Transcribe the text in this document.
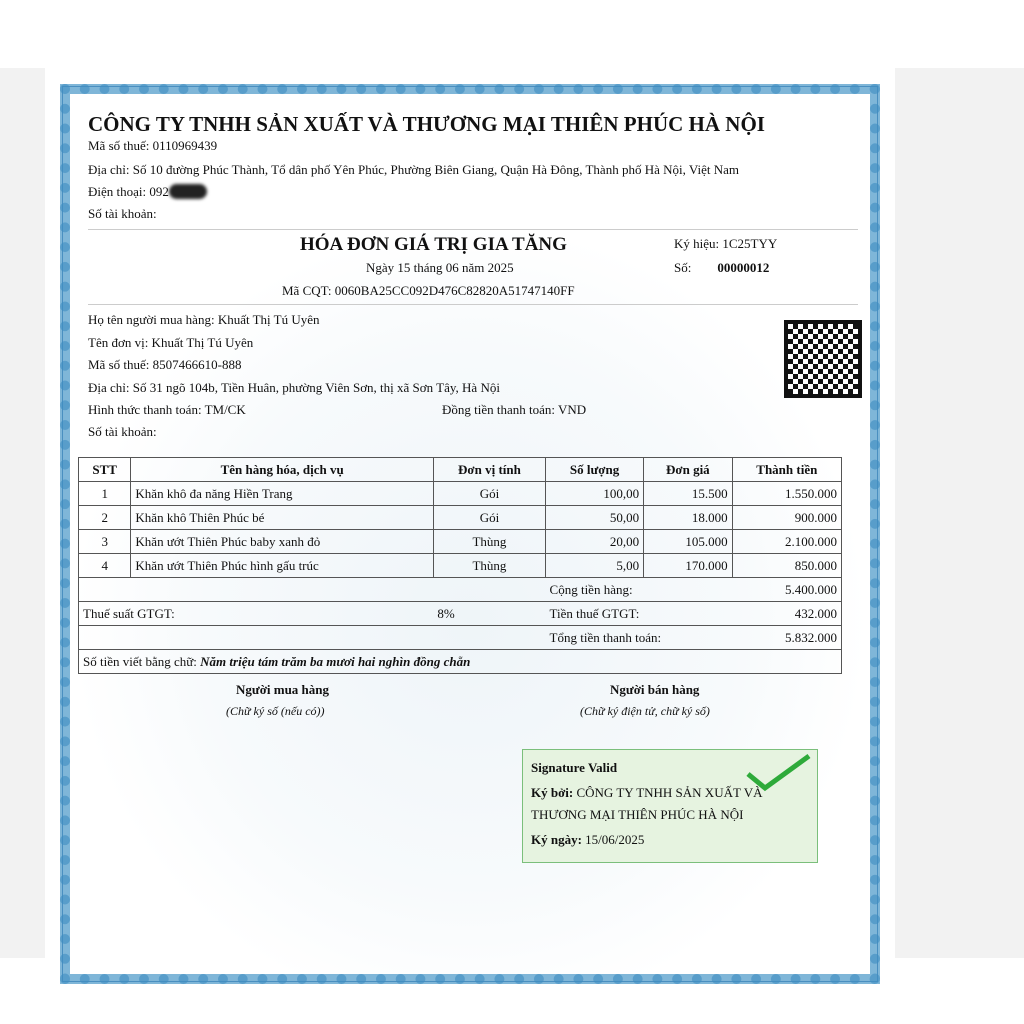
CÔNG TY TNHH SẢN XUẤT VÀ THƯƠNG MẠI THIÊN PHÚC HÀ NỘI
Mã số thuế: 0110969439
Địa chỉ: Số 10 đường Phúc Thành, Tổ dân phố Yên Phúc, Phường Biên Giang, Quận Hà Đông, Thành phố Hà Nội, Việt Nam
Điện thoại: 092
Số tài khoản:
HÓA ĐƠN GIÁ TRỊ GIA TĂNG
Ngày 15 tháng 06 năm 2025
Mã CQT: 0060BA25CC092D476C82820A51747140FF
Ký hiệu: 1C25TYY
Số: 00000012
Họ tên người mua hàng: Khuất Thị Tú Uyên
Tên đơn vị: Khuất Thị Tú Uyên
Mã số thuế: 8507466610-888
Địa chỉ: Số 31 ngõ 104b, Tiền Huân, phường Viên Sơn, thị xã Sơn Tây, Hà Nội
Hình thức thanh toán: TM/CK	Đồng tiền thanh toán: VND
Số tài khoản:
STT	Tên hàng hóa, dịch vụ	Đơn vị tính	Số lượng	Đơn giá	Thành tiền
1	Khăn khô đa năng Hiền Trang	Gói	100,00	15.500	1.550.000
2	Khăn khô Thiên Phúc bé	Gói	50,00	18.000	900.000
3	Khăn ướt Thiên Phúc baby xanh đỏ	Thùng	20,00	105.000	2.100.000
4	Khăn ướt Thiên Phúc hình gấu trúc	Thùng	5,00	170.000	850.000
			Cộng tiền hàng:		5.400.000
Thuế suất GTGT:		8%	Tiền thuế GTGT:		432.000
			Tổng tiền thanh toán:		5.832.000
Số tiền viết bằng chữ: Năm triệu tám trăm ba mươi hai nghìn đồng chẵn					
Người mua hàng
(Chữ ký số (nếu có))
Người bán hàng
(Chữ ký điện tử, chữ ký số)
Signature Valid
Ký bởi: CÔNG TY TNHH SẢN XUẤT VÀ THƯƠNG MẠI THIÊN PHÚC HÀ NỘI
Ký ngày: 15/06/2025
